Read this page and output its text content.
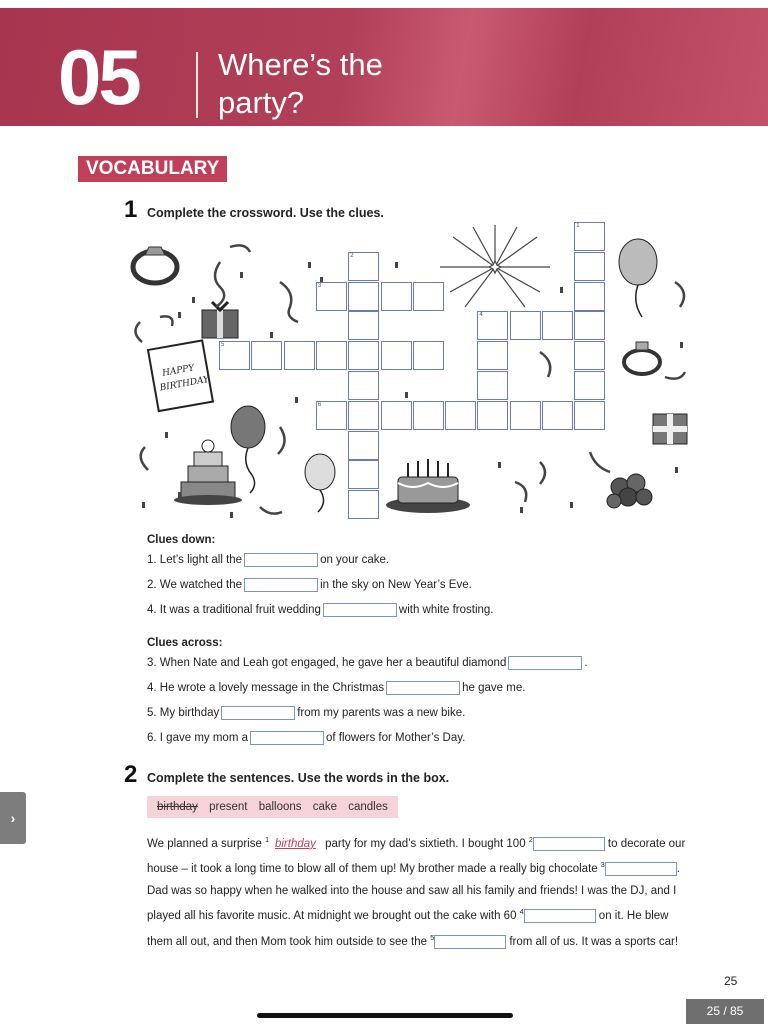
05	Where’s the
party?
VOCABULARY
1 Complete the crossword. Use the clues.
HAPPY
BIRTHDAY
1
2
3
4
5
6
Clues down:
1. Let’s light all the	on your cake.
2. We watched the	in the sky on New Year’s Eve.
4. It was a traditional fruit wedding	with white frosting.
Clues across:
3. When Nate and Leah got engaged, he gave her a beautiful diamond	.
4. He wrote a lovely message in the Christmas	he gave me.
5. My birthday	from my parents was a new bike.
6. I gave my mom a	of flowers for Mother’s Day.
2 Complete the sentences. Use the words in the box.
birthday present balloons cake candles
We planned a surprise $^1$ birthday party for my dad’s sixtieth. I bought 100 $^2$	to decorate our house – it took a long time to blow all of them up! My brother made a really big chocolate $^3$	. Dad was so happy when he walked into the house and saw all his family and friends! I was the DJ, and I played all his favorite music. At midnight we brought out the cake with 60 $^4$	on it. He blew them all out, and then Mom took him outside to see the $^5$	from all of us. It was a sports car!
25
›
25 / 85
